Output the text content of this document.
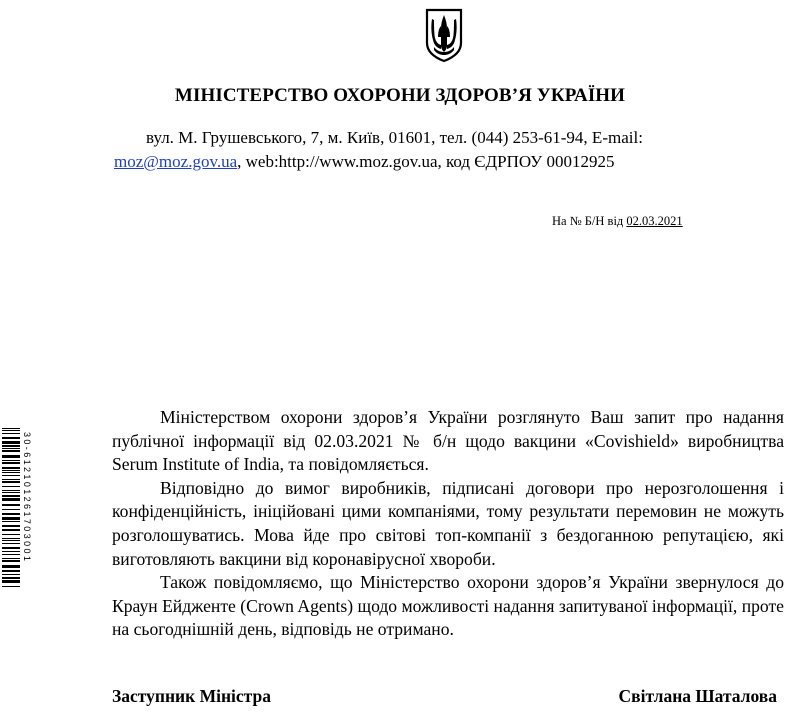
МІНІСТЕРСТВО ОХОРОНИ ЗДОРОВ’Я УКРАЇНИ
вул. М. Грушевського, 7, м. Київ, 01601, тел. (044) 253-61-94, E-mail:
moz@moz.gov.ua, web:http://www.moz.gov.ua, код ЄДРПОУ 00012925
На № Б/Н від 02.03.2021
30-612101261703001

Міністерством охорони здоров’я України розглянуто Ваш запит про надання публічної інформації від 02.03.2021 № б/н щодо вакцини «Covishield» виробництва Serum Institute of India, та повідомляється.

Відповідно до вимог виробників, підписані договори про нерозголошення і конфіденційність, ініційовані цими компаніями, тому результати перемовин не можуть розголошуватись. Мова йде про світові топ-компанії з бездоганною репутацією, які виготовляють вакцини від коронавірусної хвороби.

Також повідомляємо, що Міністерство охорони здоров’я України звернулося до Краун Ейдженте (Crown Agents) щодо можливості надання запитуваної інформації, проте на сьогоднішній день, відповідь не отримано.

Заступник Міністра	Світлана Шаталова
